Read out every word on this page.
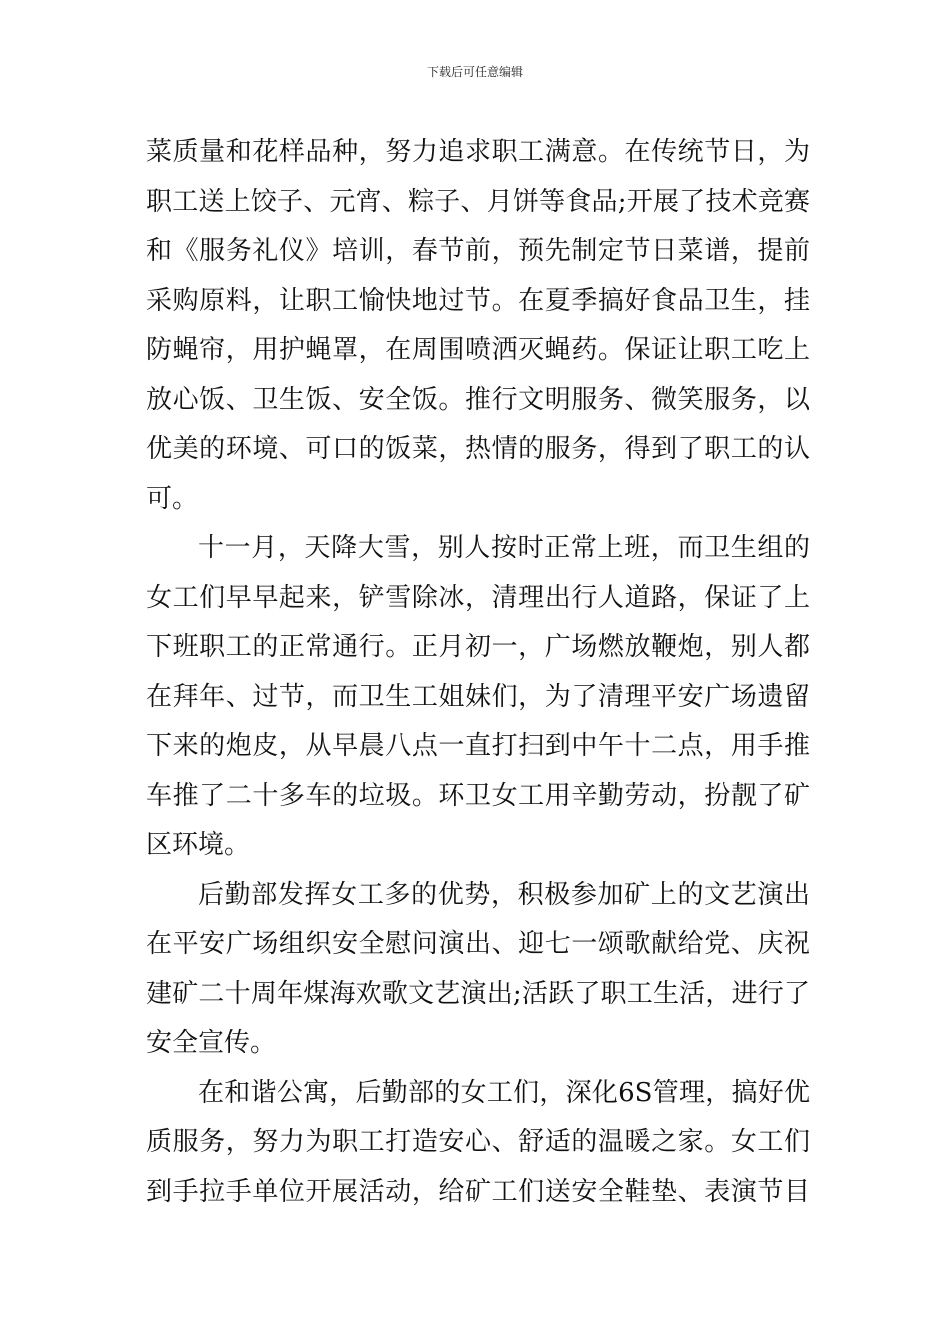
下载后可任意编辑
菜质量和花样品种，努力追求职工满意。在传统节日，为
职工送上饺子、元宵、粽子、月饼等食品;开展了技术竞赛
和《服务礼仪》培训，春节前，预先制定节日菜谱，提前
采购原料，让职工愉快地过节。在夏季搞好食品卫生，挂
防蝇帘，用护蝇罩，在周围喷洒灭蝇药。保证让职工吃上
放心饭、卫生饭、安全饭。推行文明服务、微笑服务，以
优美的环境、可口的饭菜，热情的服务，得到了职工的认
可。
十一月，天降大雪，别人按时正常上班，而卫生组的
女工们早早起来，铲雪除冰，清理出行人道路，保证了上
下班职工的正常通行。正月初一，广场燃放鞭炮，别人都
在拜年、过节，而卫生工姐妹们，为了清理平安广场遗留
下来的炮皮，从早晨八点一直打扫到中午十二点，用手推
车推了二十多车的垃圾。环卫女工用辛勤劳动，扮靓了矿
区环境。
后勤部发挥女工多的优势，积极参加矿上的文艺演出
在平安广场组织安全慰问演出、迎七一颂歌献给党、庆祝
建矿二十周年煤海欢歌文艺演出;活跃了职工生活，进行了
安全宣传。
在和谐公寓，后勤部的女工们，深化6S管理，搞好优
质服务，努力为职工打造安心、舒适的温暖之家。女工们
到手拉手单位开展活动，给矿工们送安全鞋垫、表演节目
